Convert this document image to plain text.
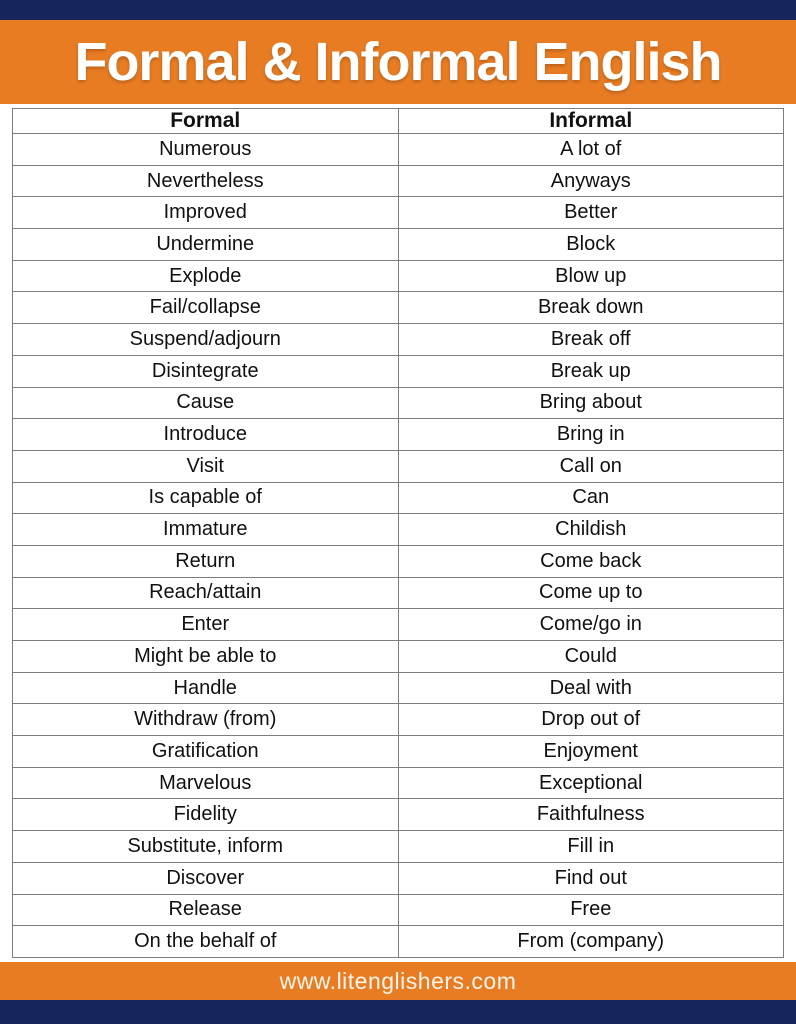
Formal & Informal English
Formal	Informal
Numerous	A lot of
Nevertheless	Anyways
Improved	Better
Undermine	Block
Explode	Blow up
Fail/collapse	Break down
Suspend/adjourn	Break off
Disintegrate	Break up
Cause	Bring about
Introduce	Bring in
Visit	Call on
Is capable of	Can
Immature	Childish
Return	Come back
Reach/attain	Come up to
Enter	Come/go in
Might be able to	Could
Handle	Deal with
Withdraw (from)	Drop out of
Gratification	Enjoyment
Marvelous	Exceptional
Fidelity	Faithfulness
Substitute, inform	Fill in
Discover	Find out
Release	Free
On the behalf of	From (company)
www.litenglishers.com
